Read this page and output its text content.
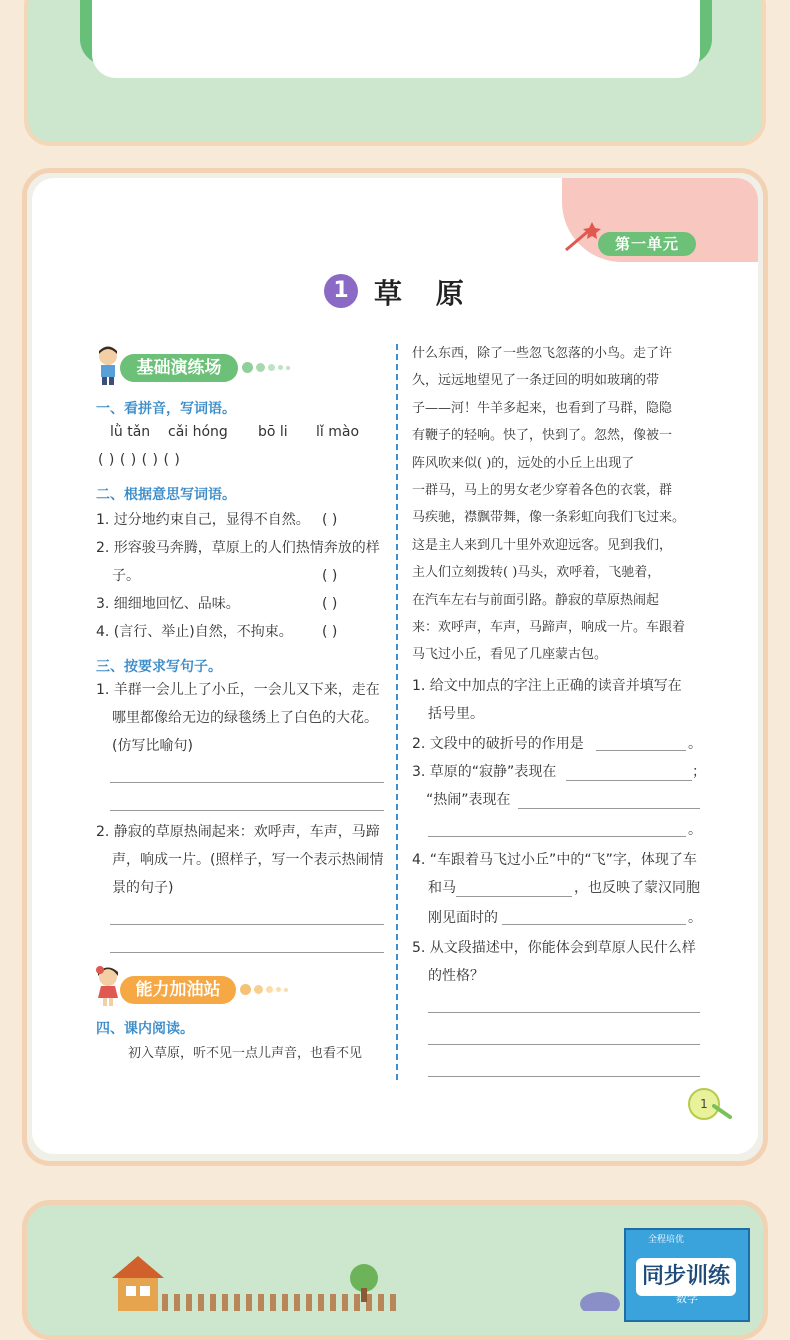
第一单元
1 草 原
基础演练场
一、看拼音，写词语。
lǜ tǎn cǎi hóng bō li lǐ mào
( ) ( ) ( ) ( )
二、根据意思写词语。
1. 过分地约束自己，显得不自然。 ( )
2. 形容骏马奔腾，草原上的人们热情奔放的样
子。	( )
3. 细细地回忆、品味。	( )
4. (言行、举止)自然，不拘束。 ( )
三、按要求写句子。
1. 羊群一会儿上了小丘，一会儿又下来，走在
哪里都像给无边的绿毯绣上了白色的大花。
(仿写比喻句)
2. 静寂的草原热闹起来：欢呼声，车声，马蹄
声，响成一片。(照样子，写一个表示热闹情
景的句子)
能力加油站
四、课内阅读。
初入草原，听不见一点儿声音，也看不见
什么东西，除了一些忽飞忽落的小鸟。走了许
久，远远地望见了一条迂回的明如玻璃的带
子——河！牛羊多起来，也看到了马群，隐隐
有鞭子的轻响。快了，快到了。忽然，像被一
阵风吹来似( )的，远处的小丘上出现了
一群马，马上的男女老少穿着各色的衣裳，群
马疾驰，襟飘带舞，像一条彩虹向我们飞过来。
这是主人来到几十里外欢迎远客。见到我们，
主人们立刻拨转( )马头，欢呼着，飞驰着，
在汽车左右与前面引路。静寂的草原热闹起
来：欢呼声，车声，马蹄声，响成一片。车跟着
马飞过小丘，看见了几座蒙古包。
1. 给文中加点的字注上正确的读音并填写在
括号里。
2. 文段中的破折号的作用是	。
3. 草原的“寂静”表现在	；
“热闹”表现在
。
4. “车跟着马飞过小丘”中的“飞”字，体现了车
和马	，也反映了蒙汉同胞
刚见面时的	。
5. 从文段描述中，你能体会到草原人民什么样
的性格？
1
全程培优
同步训练
数学
